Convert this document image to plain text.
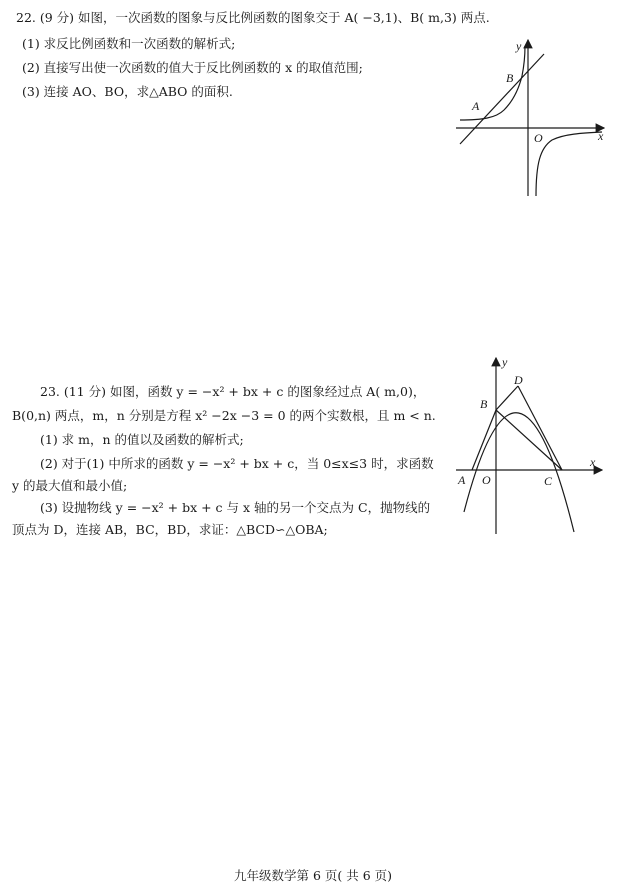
22. (9 分) 如图，一次函数的图象与反比例函数的图象交于 A( −3,1)、B( m,3) 两点.
(1) 求反比例函数和一次函数的解析式;
(2) 直接写出使一次函数的值大于反比例函数的 x 的取值范围;
(3) 连接 AO、BO，求△ABO 的面积.
A
B
O	x
y
23. (11 分) 如图，函数 y = −x² + bx + c 的图象经过点 A( m,0)，
B(0,n) 两点，m，n 分别是方程 x² −2x −3 = 0 的两个实数根，且 m < n.
(1) 求 m，n 的值以及函数的解析式;
(2) 对于(1) 中所求的函数 y = −x² + bx + c，当 0≤x≤3 时，求函数
y 的最大值和最小值;
(3) 设抛物线 y = −x² + bx + c 与 x 轴的另一个交点为 C，抛物线的
顶点为 D，连接 AB，BC，BD，求证：△BCD∽△OBA;
A
B
C
D
O
x
y
九年级数学第 6 页( 共 6 页)
